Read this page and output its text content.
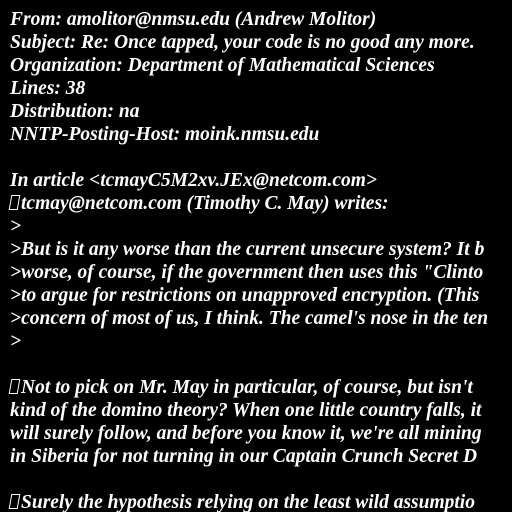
From: amolitor@nmsu.edu (Andrew Molitor)
Subject: Re: Once tapped, your code is no good any more.
Organization: Department of Mathematical Sciences
Lines: 38
Distribution: na
NNTP-Posting-Host: moink.nmsu.edu
In article <tcmayC5M2xv.JEx@netcom.com>
tcmay@netcom.com (Timothy C. May) writes:
>
>But is it any worse than the current unsecure system? It b
>worse, of course, if the government then uses this "Clinto
>to argue for restrictions on unapproved encryption. (This
>concern of most of us, I think. The camel's nose in the ten
>
Not to pick on Mr. May in particular, of course, but isn't
kind of the domino theory? When one little country falls, it
will surely follow, and before you know it, we're all mining
in Siberia for not turning in our Captain Crunch Secret D
Surely the hypothesis relying on the least wild assumptio
